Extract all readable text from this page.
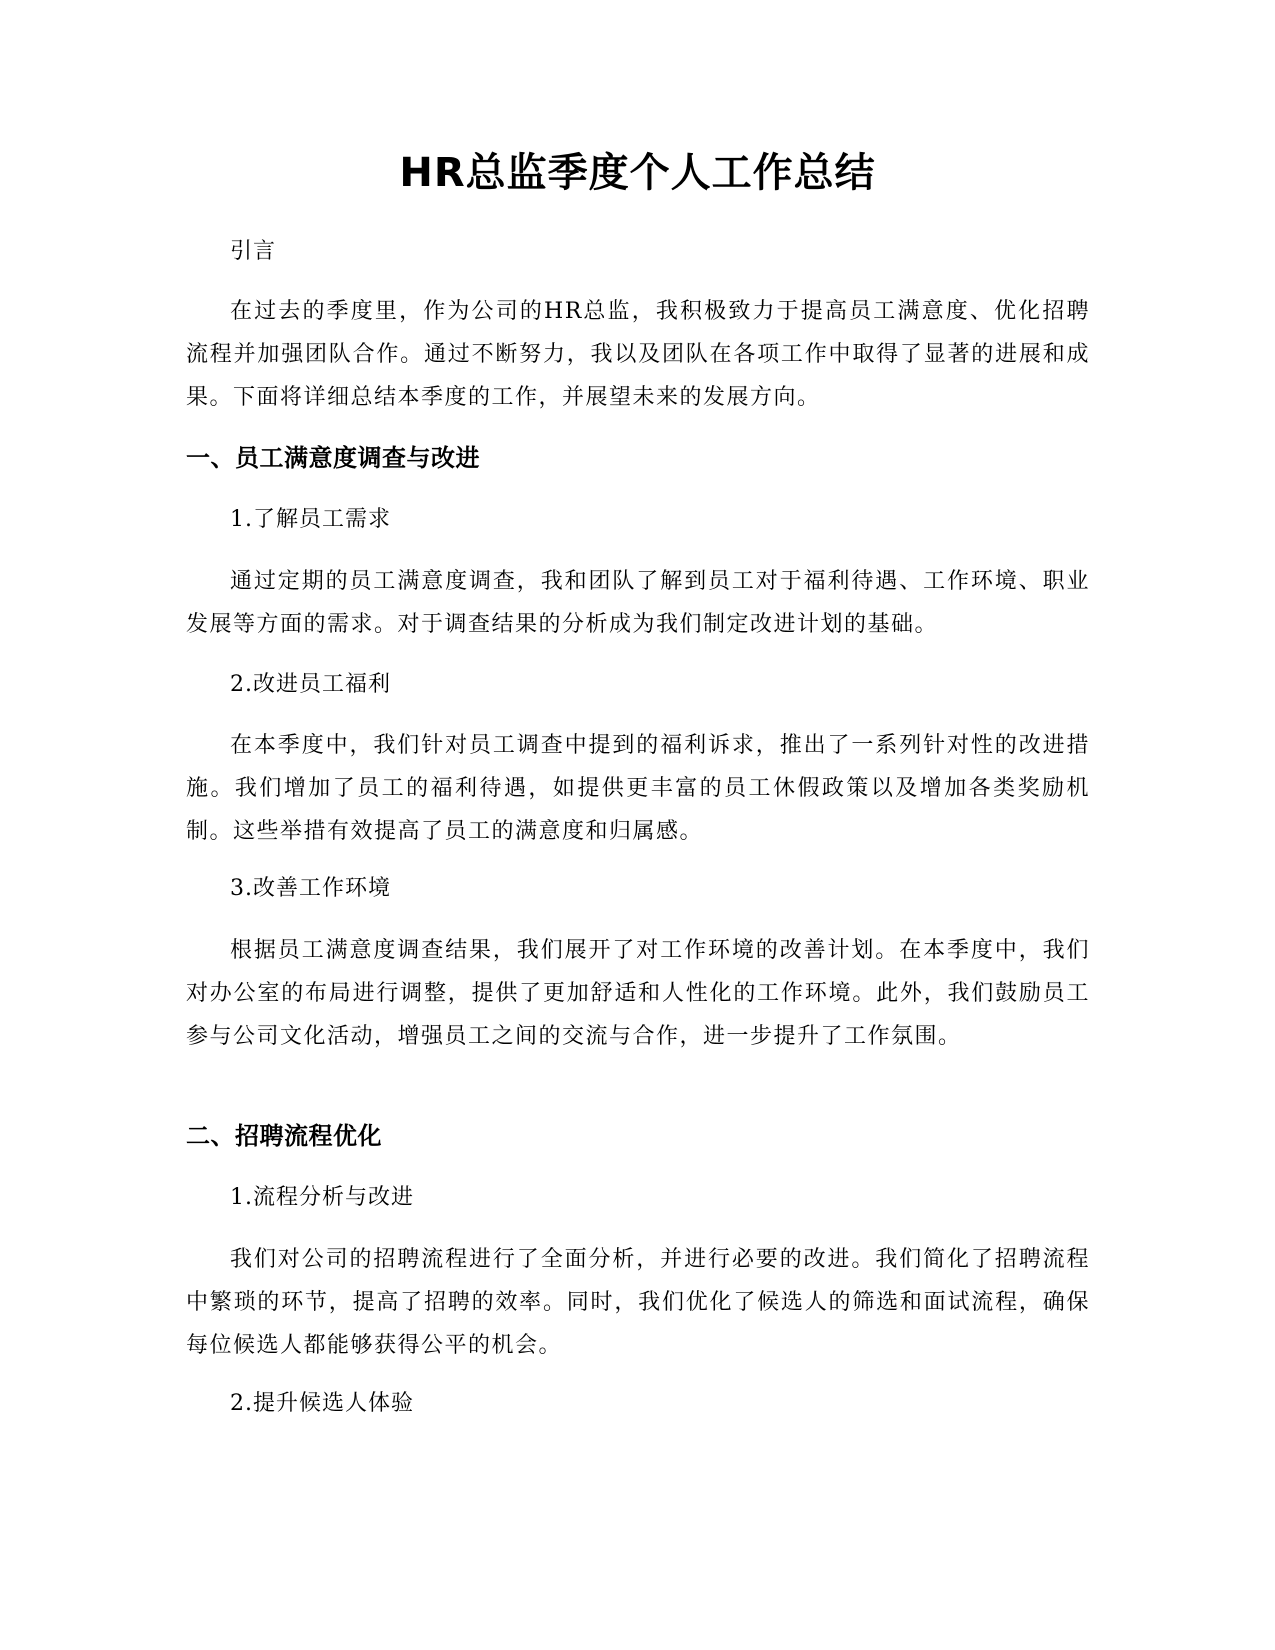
HR总监季度个人工作总结

引言

在过去的季度里，作为公司的HR总监，我积极致力于提高员工满意度、优化招聘流程并加强团队合作。通过不断努力，我以及团队在各项工作中取得了显著的进展和成果。下面将详细总结本季度的工作，并展望未来的发展方向。

一、员工满意度调查与改进

1.了解员工需求

通过定期的员工满意度调查，我和团队了解到员工对于福利待遇、工作环境、职业发展等方面的需求。对于调查结果的分析成为我们制定改进计划的基础。

2.改进员工福利

在本季度中，我们针对员工调查中提到的福利诉求，推出了一系列针对性的改进措施。我们增加了员工的福利待遇，如提供更丰富的员工休假政策以及增加各类奖励机制。这些举措有效提高了员工的满意度和归属感。

3.改善工作环境

根据员工满意度调查结果，我们展开了对工作环境的改善计划。在本季度中，我们对办公室的布局进行调整，提供了更加舒适和人性化的工作环境。此外，我们鼓励员工参与公司文化活动，增强员工之间的交流与合作，进一步提升了工作氛围。

二、招聘流程优化

1.流程分析与改进

我们对公司的招聘流程进行了全面分析，并进行必要的改进。我们简化了招聘流程中繁琐的环节，提高了招聘的效率。同时，我们优化了候选人的筛选和面试流程，确保每位候选人都能够获得公平的机会。

2.提升候选人体验
